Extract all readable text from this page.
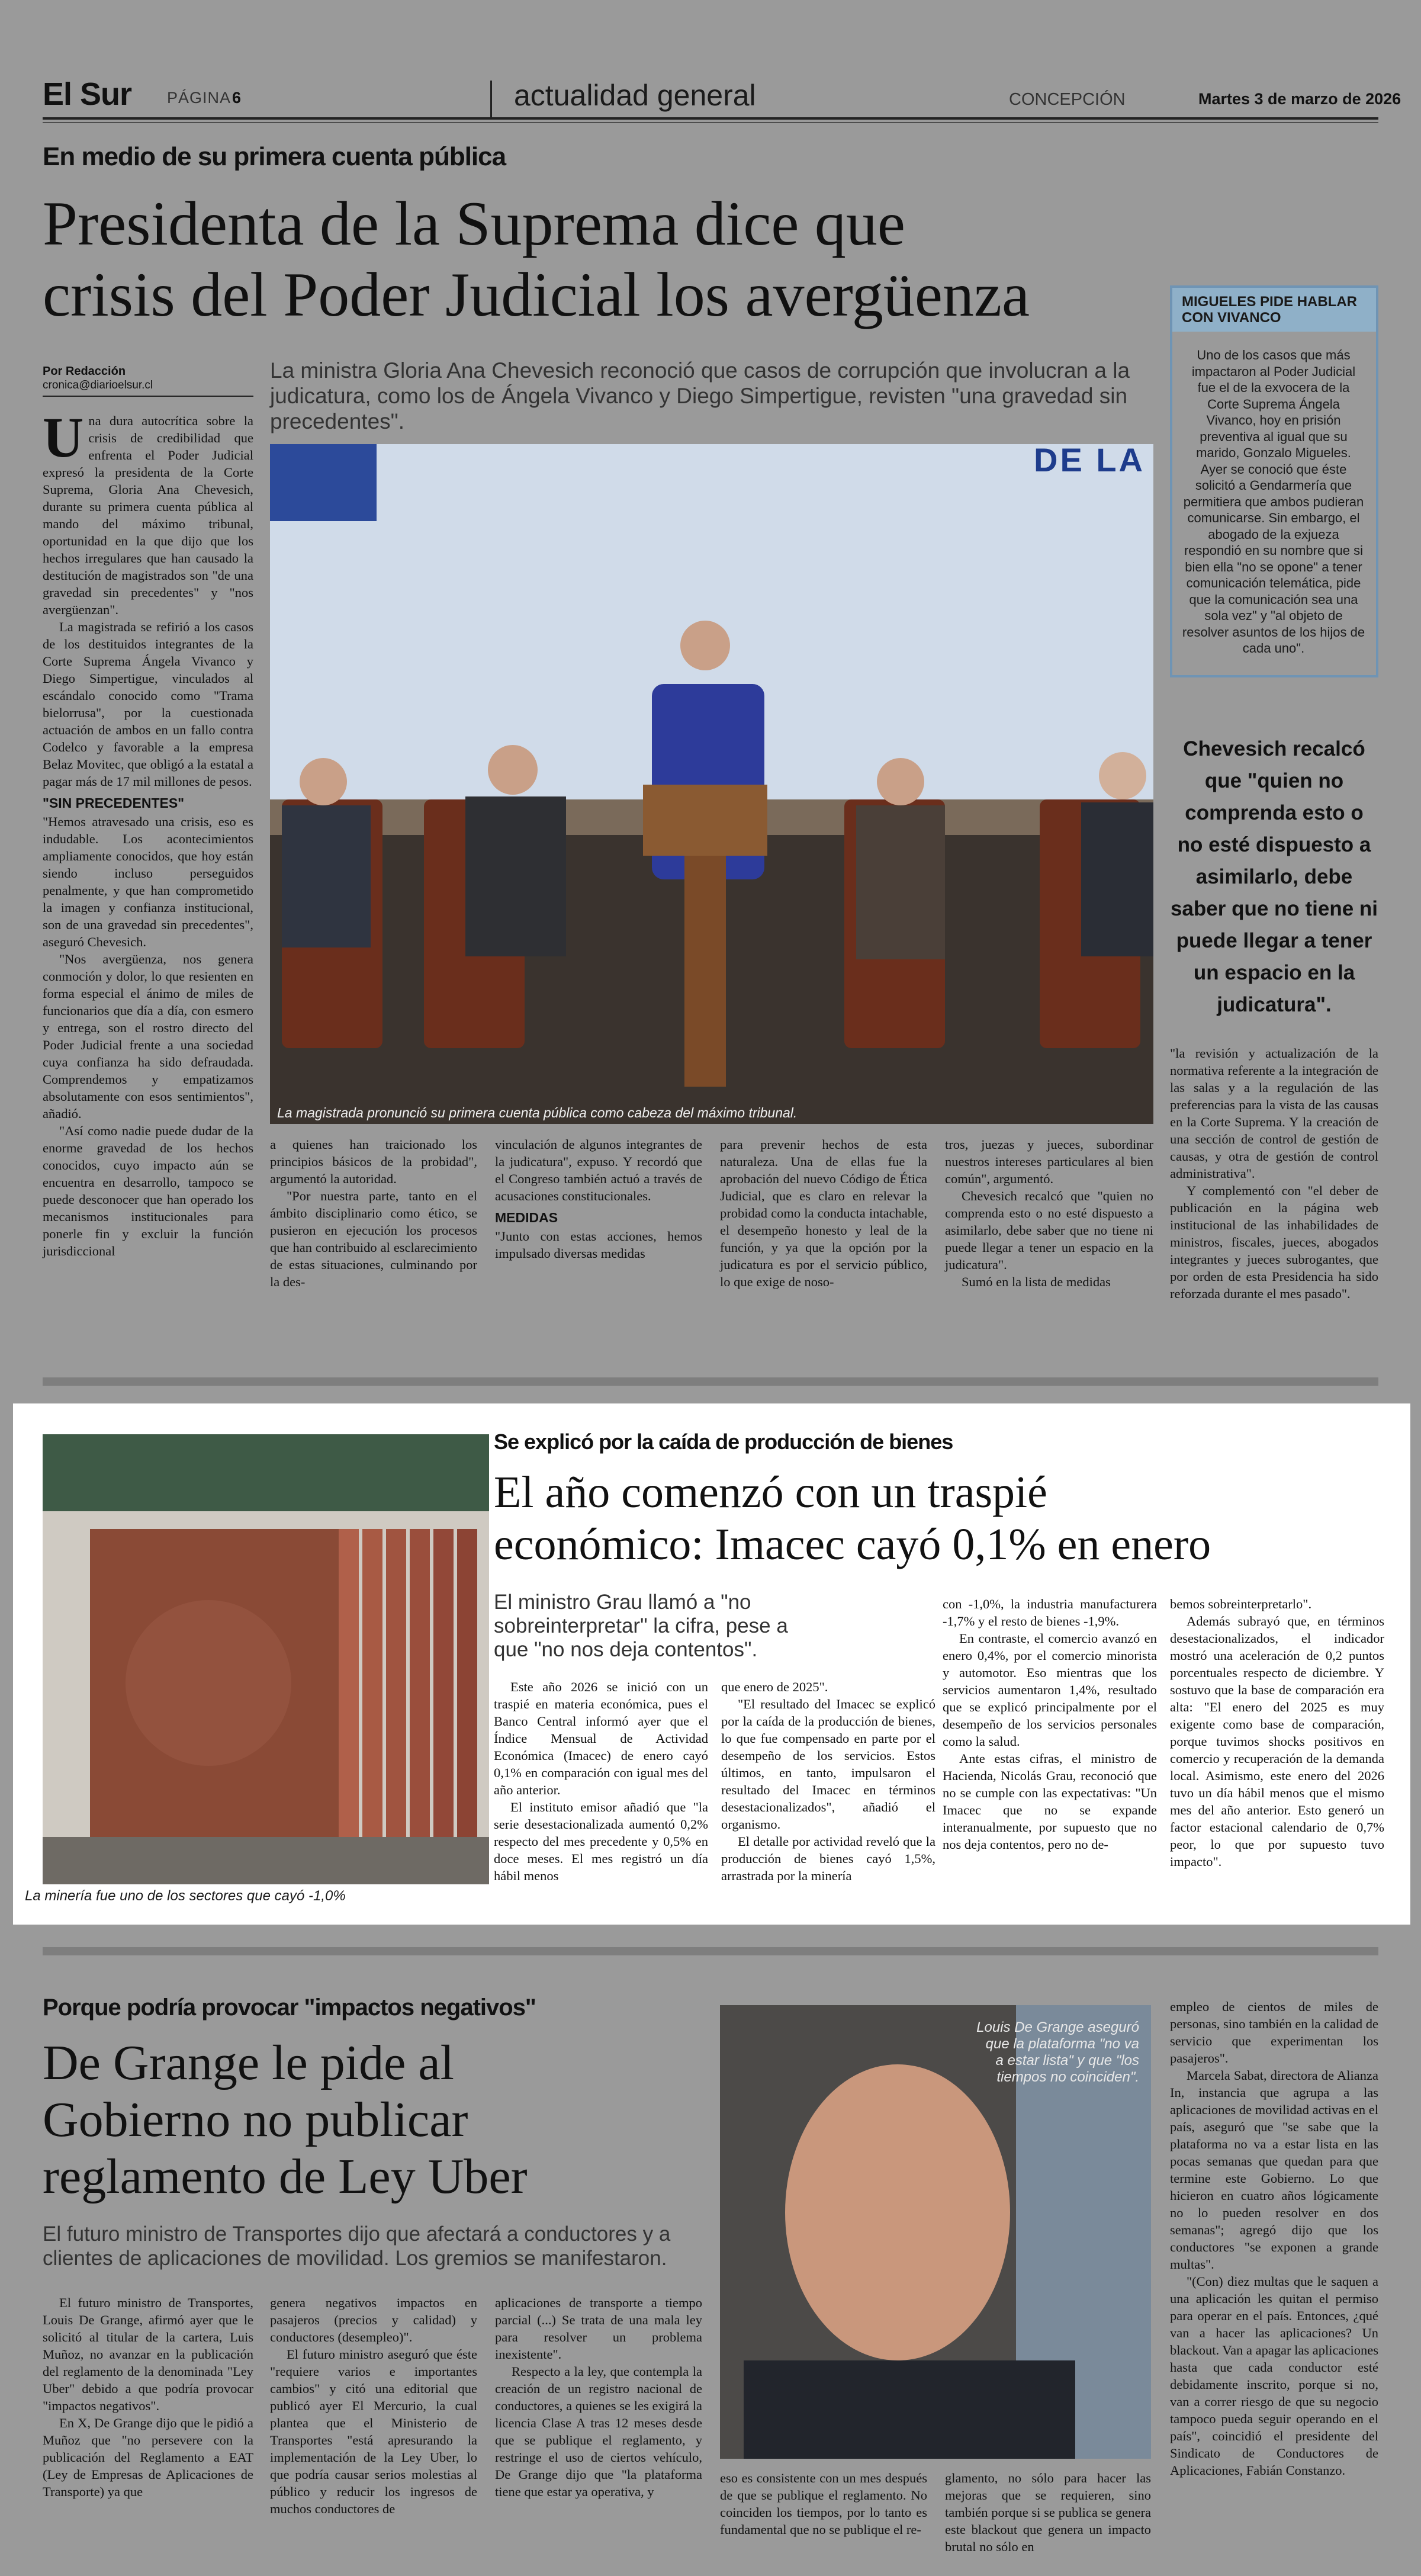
El Sur PÁGINA 6	actualidad general	CONCEPCIÓN	Martes 3 de marzo de 2026
En medio de su primera cuenta pública
Presidenta de la Suprema dice que
crisis del Poder Judicial los avergüenza
Por Redacción
cronica@diarioelsur.cl
La ministra Gloria Ana Chevesich reconoció que casos de corrupción que involucran a la judicatura, como los de Ángela Vivanco y Diego Simpertigue, revisten "una gravedad sin precedentes".
DE LA
La magistrada pronunció su primera cuenta pública como cabeza del máximo tribunal.

Una dura autocrítica sobre la crisis de credibilidad que enfrenta el Poder Judicial expresó la presidenta de la Corte Suprema, Gloria Ana Chevesich, durante su primera cuenta pública al mando del máximo tribunal, oportunidad en la que dijo que los hechos irregulares que han causado la destitución de magistrados son "de una gravedad sin precedentes" y "nos avergüenzan".

La magistrada se refirió a los casos de los destituidos integrantes de la Corte Suprema Ángela Vivanco y Diego Simpertigue, vinculados al escándalo conocido como "Trama bielorrusa", por la cuestionada actuación de ambos en un fallo contra Codelco y favorable a la empresa Belaz Movitec, que obligó a la estatal a pagar más de 17 mil millones de pesos.

"SIN PRECEDENTES"

"Hemos atravesado una crisis, eso es indudable. Los acontecimientos ampliamente conocidos, que hoy están siendo incluso perseguidos penalmente, y que han comprometido la imagen y confianza institucional, son de una gravedad sin precedentes", aseguró Chevesich.

"Nos avergüenza, nos genera conmoción y dolor, lo que resienten en forma especial el ánimo de miles de funcionarios que día a día, con esmero y entrega, son el rostro directo del Poder Judicial frente a una sociedad cuya confianza ha sido defraudada. Comprendemos y empatizamos absolutamente con esos sentimientos", añadió.

"Así como nadie puede dudar de la enorme gravedad de los hechos conocidos, cuyo impacto aún se encuentra en desarrollo, tampoco se puede desconocer que han operado los mecanismos institucionales para ponerle fin y excluir la función jurisdiccional

a quienes han traicionado los principios básicos de la probidad", argumentó la autoridad.

"Por nuestra parte, tanto en el ámbito disciplinario como ético, se pusieron en ejecución los procesos que han contribuido al esclarecimiento de estas situaciones, culminando por la des-

vinculación de algunos integrantes de la judicatura", expuso. Y recordó que el Congreso también actuó a través de acusaciones constitucionales.

MEDIDAS

"Junto con estas acciones, hemos impulsado diversas medidas

para prevenir hechos de esta naturaleza. Una de ellas fue la aprobación del nuevo Código de Ética Judicial, que es claro en relevar la probidad como la conducta intachable, el desempeño honesto y leal de la función, y ya que la opción por la judicatura es por el servicio público, lo que exige de noso-

tros, juezas y jueces, subordinar nuestros intereses particulares al bien común", argumentó.

Chevesich recalcó que "quien no comprenda esto o no esté dispuesto a asimilarlo, debe saber que no tiene ni puede llegar a tener un espacio en la judicatura".

Sumó en la lista de medidas

"la revisión y actualización de la normativa referente a la integración de las salas y a la regulación de las preferencias para la vista de las causas en la Corte Suprema. Y la creación de una sección de control de gestión de causas, y otra de gestión de control administrativa".

Y complementó con "el deber de publicación en la página web institucional de las inhabilidades de ministros, fiscales, jueces, abogados integrantes y jueces subrogantes, que por orden de esta Presidencia ha sido reforzada durante el mes pasado".

MIGUELES PIDE HABLAR CON VIVANCO
Uno de los casos que más impactaron al Poder Judicial fue el de la exvocera de la Corte Suprema Ángela Vivanco, hoy en prisión preventiva al igual que su marido, Gonzalo Migueles. Ayer se conoció que éste solicitó a Gendarmería que permitiera que ambos pudieran comunicarse. Sin embargo, el abogado de la exjueza respondió en su nombre que si bien ella "no se opone" a tener comunicación telemática, pide que la comunicación sea una sola vez" y "al objeto de resolver asuntos de los hijos de cada uno".
Chevesich recalcó que "quien no comprenda esto o no esté dispuesto a asimilarlo, debe saber que no tiene ni puede llegar a tener un espacio en la judicatura".
La minería fue uno de los sectores que cayó -1,0%
Se explicó por la caída de producción de bienes
El año comenzó con un traspié
económico: Imacec cayó 0,1% en enero
El ministro Grau llamó a "no sobreinterpretar" la cifra, pese a que "no nos deja contentos".

Este año 2026 se inició con un traspié en materia económica, pues el Banco Central informó ayer que el Índice Mensual de Actividad Económica (Imacec) de enero cayó 0,1% en comparación con igual mes del año anterior.

El instituto emisor añadió que "la serie desestacionalizada aumentó 0,2% respecto del mes precedente y 0,5% en doce meses. El mes registró un día hábil menos

que enero de 2025".

"El resultado del Imacec se explicó por la caída de la producción de bienes, lo que fue compensado en parte por el desempeño de los servicios. Estos últimos, en tanto, impulsaron el resultado del Imacec en términos desestacionalizados", añadió el organismo.

El detalle por actividad reveló que la producción de bienes cayó 1,5%, arrastrada por la minería

con -1,0%, la industria manufacturera -1,7% y el resto de bienes -1,9%.

En contraste, el comercio avanzó en enero 0,4%, por el comercio minorista y automotor. Eso mientras que los servicios aumentaron 1,4%, resultado que se explicó principalmente por el desempeño de los servicios personales como la salud.

Ante estas cifras, el ministro de Hacienda, Nicolás Grau, reconoció que no se cumple con las expectativas: "Un Imacec que no se expande interanualmente, por supuesto que no nos deja contentos, pero no de-

bemos sobreinterpretarlo".

Además subrayó que, en términos desestacionalizados, el indicador mostró una aceleración de 0,2 puntos porcentuales respecto de diciembre. Y sostuvo que la base de comparación era alta: "El enero del 2025 es muy exigente como base de comparación, porque tuvimos shocks positivos en comercio y recuperación de la demanda local. Asimismo, este enero del 2026 tuvo un día hábil menos que el mismo mes del año anterior. Esto generó un factor estacional calendario de 0,7% peor, lo que por supuesto tuvo impacto".

Porque podría provocar "impactos negativos"
De Grange le pide al
Gobierno no publicar
reglamento de Ley Uber
El futuro ministro de Transportes dijo que afectará a conductores y a clientes de aplicaciones de movilidad. Los gremios se manifestaron.
Louis De Grange aseguró que la plataforma "no va a estar lista" y que "los tiempos no coinciden".

El futuro ministro de Transportes, Louis De Grange, afirmó ayer que le solicitó al titular de la cartera, Luis Muñoz, no avanzar en la publicación del reglamento de la denominada "Ley Uber" debido a que podría provocar "impactos negativos".

En X, De Grange dijo que le pidió a Muñoz que "no persevere con la publicación del Reglamento a EAT (Ley de Empresas de Aplicaciones de Transporte) ya que

genera negativos impactos en pasajeros (precios y calidad) y conductores (desempleo)".

El futuro ministro aseguró que éste "requiere varios e importantes cambios" y citó una editorial que publicó ayer El Mercurio, la cual plantea que el Ministerio de Transportes "está apresurando la implementación de la Ley Uber, lo que podría causar serios molestias al público y reducir los ingresos de muchos conductores de

aplicaciones de transporte a tiempo parcial (...) Se trata de una mala ley para resolver un problema inexistente".

Respecto a la ley, que contempla la creación de un registro nacional de conductores, a quienes se les exigirá la licencia Clase A tras 12 meses desde que se publique el reglamento, y restringe el uso de ciertos vehículo, De Grange dijo que "la plataforma tiene que estar ya operativa, y

eso es consistente con un mes después de que se publique el reglamento. No coinciden los tiempos, por lo tanto es fundamental que no se publique el re-

glamento, no sólo para hacer las mejoras que se requieren, sino también porque si se publica se genera este blackout que genera un impacto brutal no sólo en

empleo de cientos de miles de personas, sino también en la calidad de servicio que experimentan los pasajeros".

Marcela Sabat, directora de Alianza In, instancia que agrupa a las aplicaciones de movilidad activas en el país, aseguró que "se sabe que la plataforma no va a estar lista en las pocas semanas que quedan para que termine este Gobierno. Lo que hicieron en cuatro años lógicamente no lo pueden resolver en dos semanas"; agregó dijo que los conductores "se exponen a grande multas".

"(Con) diez multas que le saquen a una aplicación les quitan el permiso para operar en el país. Entonces, ¿qué van a hacer las aplicaciones? Un blackout. Van a apagar las aplicaciones hasta que cada conductor esté debidamente inscrito, porque si no, van a correr riesgo de que su negocio tampoco pueda seguir operando en el país", coincidió el presidente del Sindicato de Conductores de Aplicaciones, Fabián Constanzo.
